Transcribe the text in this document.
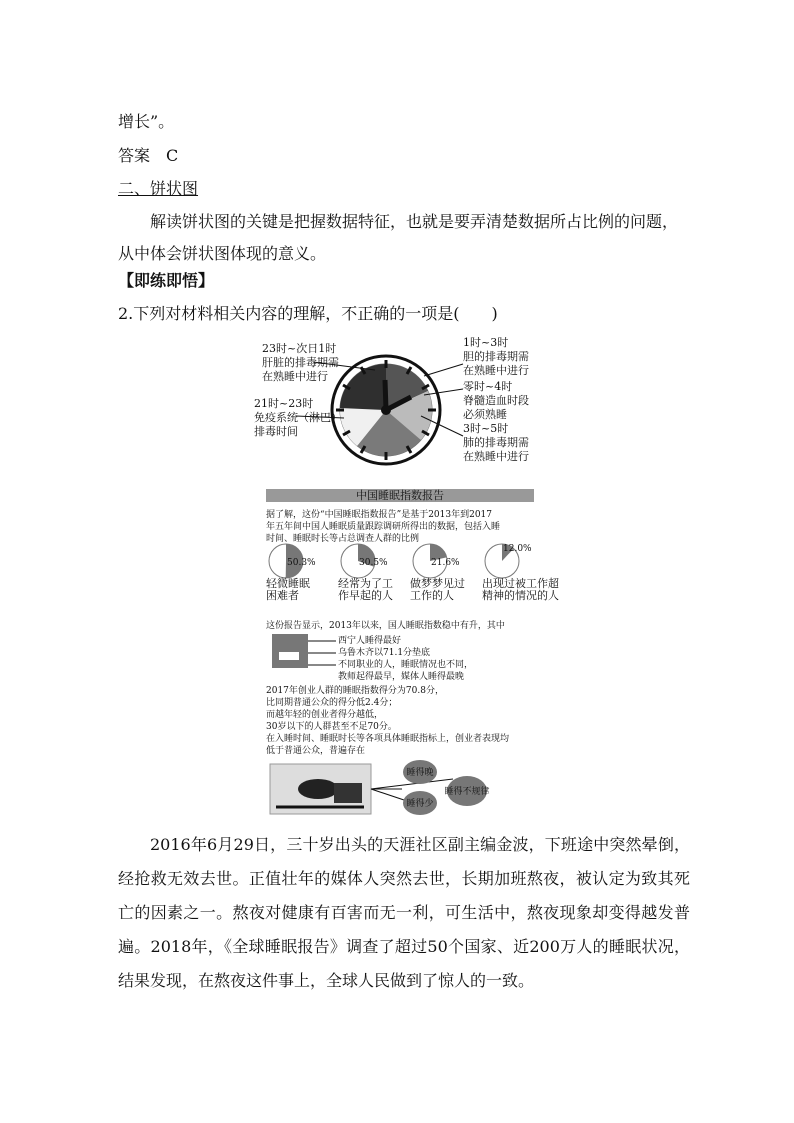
增长”。
答案　C
二、饼状图
解读饼状图的关键是把握数据特征，也就是要弄清楚数据所占比例的问题，从中体会饼状图体现的意义。
【即练即悟】
2.下列对材料相关内容的理解，不正确的一项是(　　)
23时~次日1时
肝脏的排毒期需
在熟睡中进行
21时~23时
免疫系统（淋巴）
排毒时间
1时~3时
胆的排毒期需
在熟睡中进行
零时~4时
脊髓造血时段
必须熟睡
3时~5时
肺的排毒期需
在熟睡中进行
中国睡眠指数报告
据了解，这份“中国睡眠指数报告”是基于2013年到2017
年五年间中国人睡眠质量跟踪调研所得出的数据，包括入睡
时间、睡眠时长等占总调查人群的比例
50.3%
轻微睡眠
困难者
30.5%
经常为了工
作早起的人
21.6%
做梦梦见过
工作的人
12.0%
出现过被工作超
精神的情况的人
这份报告显示，2013年以来，国人睡眠指数稳中有升，其中
西宁人睡得最好
乌鲁木齐以71.1分垫底
不同职业的人，睡眠情况也不同，
教师起得最早，媒体人睡得最晚
2017年创业人群的睡眠指数得分为70.8分，
比同期普通公众的得分低2.4分；
而越年轻的创业者得分越低，
30岁以下的人群甚至不足70分。
在入睡时间、睡眠时长等各项具体睡眠指标上，创业者表现均
低于普通公众，普遍存在
睡得晚
睡得不规律
睡得少
2016年6月29日，三十岁出头的天涯社区副主编金波，下班途中突然晕倒，经抢救无效去世。正值壮年的媒体人突然去世，长期加班熬夜，被认定为致其死亡的因素之一。熬夜对健康有百害而无一利，可生活中，熬夜现象却变得越发普遍。2018年，《全球睡眠报告》调查了超过50个国家、近200万人的睡眠状况，结果发现，在熬夜这件事上，全球人民做到了惊人的一致。
